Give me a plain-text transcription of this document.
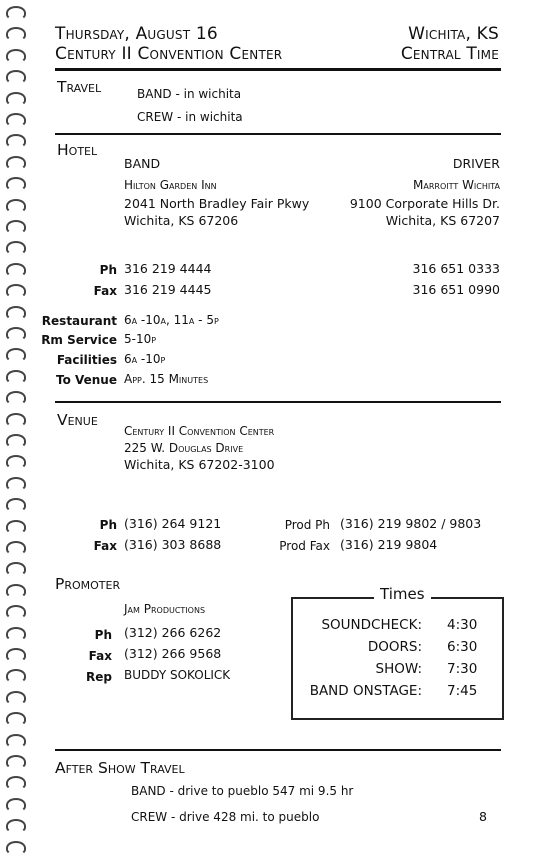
Thursday, August 16
Century II Convention Center
Wichita, KS
Central Time
Travel	BAND - in wichita
CREW - in wichita
Hotel
BAND
Hilton Garden Inn
2041 North Bradley Fair Pkwy
Wichita, KS 67206
DRIVER
Marroitt Wichita
9100 Corporate Hills Dr.
Wichita, KS 67207
Ph 316 219 4444	316 651 0333
Fax 316 219 4445	316 651 0990
Restaurant 6a -10a, 11a - 5p
Rm Service 5-10p
Facilities 6a -10p
To Venue App. 15 Minutes
Venue
Century II Convention Center
225 W. Douglas Drive
Wichita, KS 67202-3100
Ph (316) 264 9121
Fax (316) 303 8688
Prod Ph (316) 219 9802 / 9803
Prod Fax (316) 219 9804
Promoter
Jam Productions
Ph (312) 266 6262
Fax (312) 266 9568
Rep BUDDY SOKOLICK
Times
SOUNDCHECK: 4:30
DOORS: 6:30
SHOW: 7:30
BAND ONSTAGE: 7:45
After Show Travel
BAND - drive to pueblo 547 mi 9.5 hr
CREW - drive 428 mi. to pueblo	8
